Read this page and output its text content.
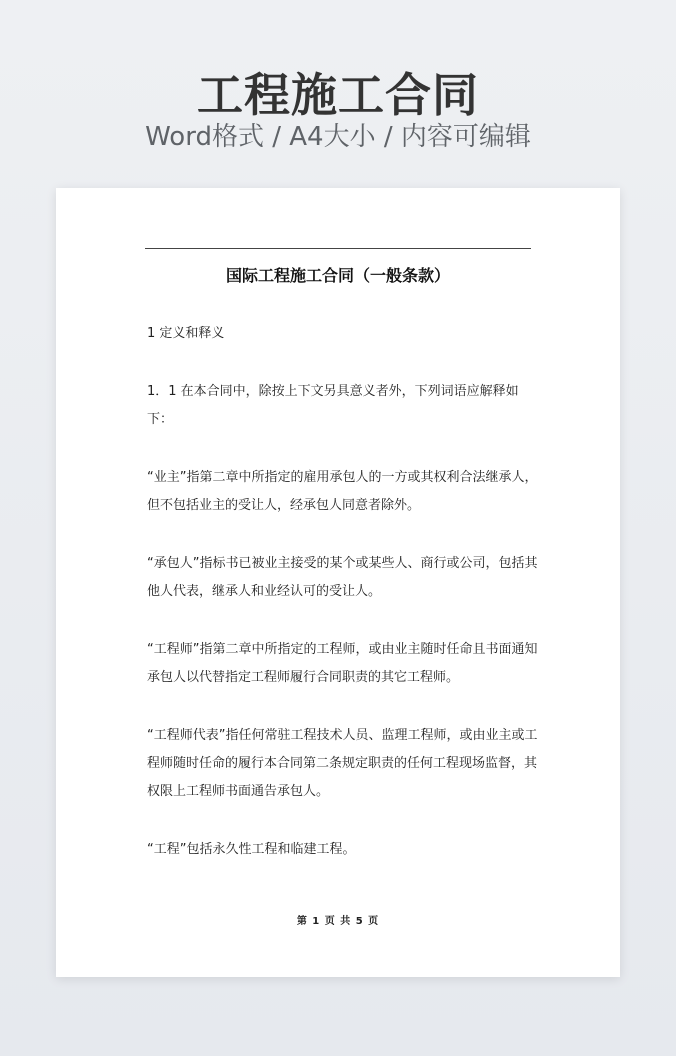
工程施工合同
Word格式 / A4大小 / 内容可编辑
国际工程施工合同（一般条款）

1 定义和释义

1．1 在本合同中，除按上下文另具意义者外，下列词语应解释如下：

“业主”指第二章中所指定的雇用承包人的一方或其权利合法继承人，但不包括业主的受让人，经承包人同意者除外。

“承包人”指标书已被业主接受的某个或某些人、商行或公司，包括其他人代表，继承人和业经认可的受让人。

“工程师”指第二章中所指定的工程师，或由业主随时任命且书面通知承包人以代替指定工程师履行合同职责的其它工程师。

“工程师代表”指任何常驻工程技术人员、监理工程师，或由业主或工程师随时任命的履行本合同第二条规定职责的任何工程现场监督，其权限上工程师书面通告承包人。

“工程”包括永久性工程和临建工程。

第 1 页 共 5 页
